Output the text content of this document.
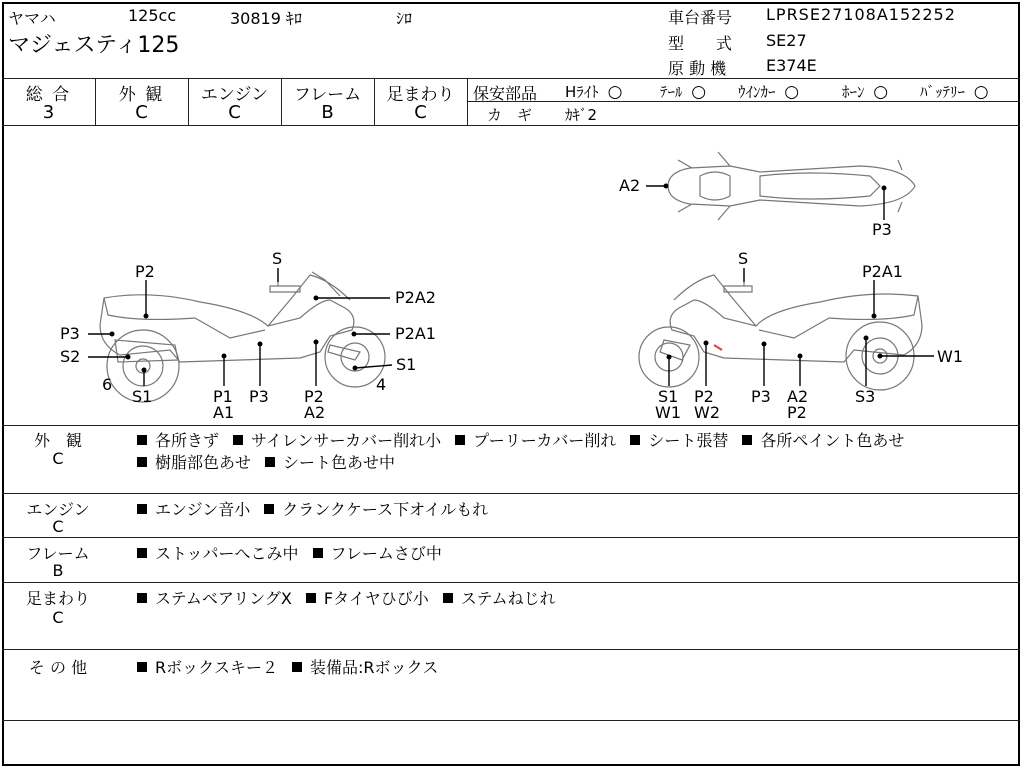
ヤマハ	125cc	30819 ｷﾛ	ｼﾛ
マジェスティ125
車台番号 LPRSE27108A152252
型　　式 SE27
原 動 機 E374E
総 合
3
外 観
C
エンジン
C
フレーム
B
足まわり
C
保安部品 Hﾗｲﾄ ○	ﾃｰﾙ ○ ｳｲﾝｶｰ ○	ﾎｰﾝ ○ ﾊﾞｯﾃﾘｰ ○
カ　ギ ｶｷﾞ2
S
P2
P2A2
P3	P2A1
S2	S1
6	4
S1	P1
A1
P3 P2
A2
A2
P3
S
P2A1
W1
S1
W1
P2
W2
P3 A2
P2
S3
外　観
C
各所きず サイレンサーカバー削れ小 プーリーカバー削れ シート張替 各所ペイント色あせ
樹脂部色あせ シート色あせ中
エンジン
C
エンジン音小 クランクケース下オイルもれ
フレーム
B
ストッパーへこみ中 フレームさび中
足まわり
C
ステムベアリングX Fタイヤひび小 ステムねじれ
そ の 他	Rボックスキー２ 装備品:Rボックス
